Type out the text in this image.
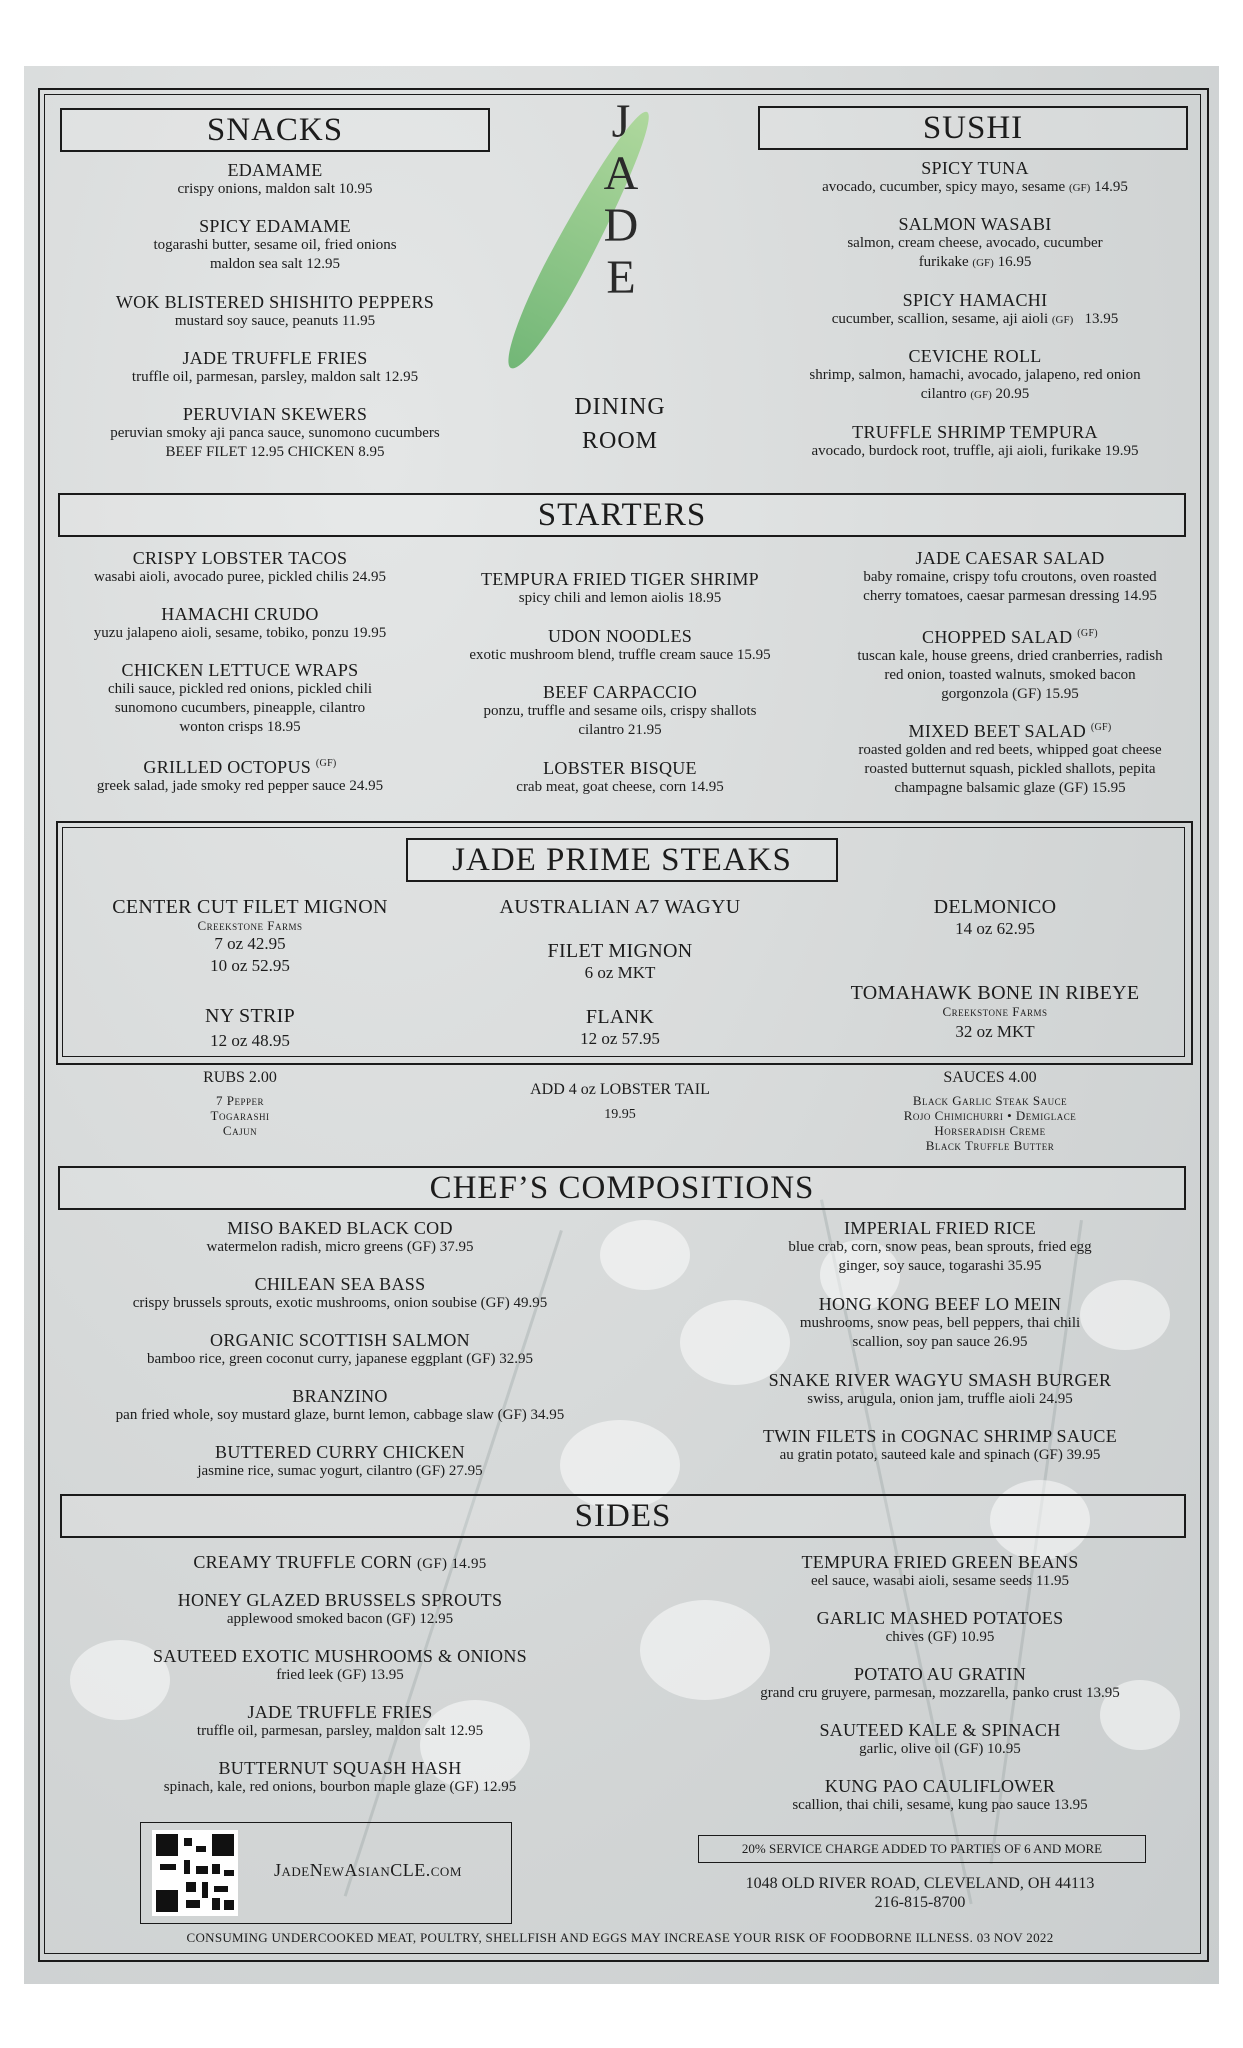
J
A
D
E
DINING
ROOM
SNACKS
EDAMAME
crispy onions, maldon salt 10.95
SPICY EDAMAME
togarashi butter, sesame oil, fried onions
maldon sea salt 12.95
WOK BLISTERED SHISHITO PEPPERS
mustard soy sauce, peanuts 11.95
JADE TRUFFLE FRIES
truffle oil, parmesan, parsley, maldon salt 12.95
PERUVIAN SKEWERS
peruvian smoky aji panca sauce, sunomono cucumbers
BEEF FILET 12.95 CHICKEN 8.95
SUSHI
SPICY TUNA
avocado, cucumber, spicy mayo, sesame (GF) 14.95
SALMON WASABI
salmon, cream cheese, avocado, cucumber
furikake (GF) 16.95
SPICY HAMACHI
cucumber, scallion, sesame, aji aioli (GF) 13.95
CEVICHE ROLL
shrimp, salmon, hamachi, avocado, jalapeno, red onion
cilantro (GF) 20.95
TRUFFLE SHRIMP TEMPURA
avocado, burdock root, truffle, aji aioli, furikake 19.95
STARTERS
CRISPY LOBSTER TACOS
wasabi aioli, avocado puree, pickled chilis 24.95
HAMACHI CRUDO
yuzu jalapeno aioli, sesame, tobiko, ponzu 19.95
CHICKEN LETTUCE WRAPS
chili sauce, pickled red onions, pickled chili
sunomono cucumbers, pineapple, cilantro
wonton crisps 18.95
GRILLED OCTOPUS $^{(GF)}$
greek salad, jade smoky red pepper sauce 24.95
TEMPURA FRIED TIGER SHRIMP
spicy chili and lemon aiolis 18.95
UDON NOODLES
exotic mushroom blend, truffle cream sauce 15.95
BEEF CARPACCIO
ponzu, truffle and sesame oils, crispy shallots
cilantro 21.95
LOBSTER BISQUE
crab meat, goat cheese, corn 14.95
JADE CAESAR SALAD
baby romaine, crispy tofu croutons, oven roasted
cherry tomatoes, caesar parmesan dressing 14.95
CHOPPED SALAD $^{(GF)}$
tuscan kale, house greens, dried cranberries, radish
red onion, toasted walnuts, smoked bacon
gorgonzola (GF) 15.95
MIXED BEET SALAD $^{(GF)}$
roasted golden and red beets, whipped goat cheese
roasted butternut squash, pickled shallots, pepita
champagne balsamic glaze (GF) 15.95
JADE PRIME STEAKS
CENTER CUT FILET MIGNON
Creekstone Farms
7 oz 42.95
10 oz 52.95
NY STRIP
12 oz 48.95
AUSTRALIAN A7 WAGYU
FILET MIGNON
6 oz MKT
FLANK
12 oz 57.95
DELMONICO
14 oz 62.95
TOMAHAWK BONE IN RIBEYE
Creekstone Farms
32 oz MKT
RUBS 2.00
7 Pepper
Togarashi
Cajun
ADD 4 oz LOBSTER TAIL
19.95
SAUCES 4.00
Black Garlic Steak Sauce
Rojo Chimichurri • Demiglace
Horseradish Creme
Black Truffle Butter
CHEF’S COMPOSITIONS
MISO BAKED BLACK COD
watermelon radish, micro greens (GF) 37.95
CHILEAN SEA BASS
crispy brussels sprouts, exotic mushrooms, onion soubise (GF) 49.95
ORGANIC SCOTTISH SALMON
bamboo rice, green coconut curry, japanese eggplant (GF) 32.95
BRANZINO
pan fried whole, soy mustard glaze, burnt lemon, cabbage slaw (GF) 34.95
BUTTERED CURRY CHICKEN
jasmine rice, sumac yogurt, cilantro (GF) 27.95
IMPERIAL FRIED RICE
blue crab, corn, snow peas, bean sprouts, fried egg
ginger, soy sauce, togarashi 35.95
HONG KONG BEEF LO MEIN
mushrooms, snow peas, bell peppers, thai chili
scallion, soy pan sauce 26.95
SNAKE RIVER WAGYU SMASH BURGER
swiss, arugula, onion jam, truffle aioli 24.95
TWIN FILETS in COGNAC SHRIMP SAUCE
au gratin potato, sauteed kale and spinach (GF) 39.95
SIDES
CREAMY TRUFFLE CORN (GF) 14.95
HONEY GLAZED BRUSSELS SPROUTS
applewood smoked bacon (GF) 12.95
SAUTEED EXOTIC MUSHROOMS & ONIONS
fried leek (GF) 13.95
JADE TRUFFLE FRIES
truffle oil, parmesan, parsley, maldon salt 12.95
BUTTERNUT SQUASH HASH
spinach, kale, red onions, bourbon maple glaze (GF) 12.95
TEMPURA FRIED GREEN BEANS
eel sauce, wasabi aioli, sesame seeds 11.95
GARLIC MASHED POTATOES
chives (GF) 10.95
POTATO AU GRATIN
grand cru gruyere, parmesan, mozzarella, panko crust 13.95
SAUTEED KALE & SPINACH
garlic, olive oil (GF) 10.95
KUNG PAO CAULIFLOWER
scallion, thai chili, sesame, kung pao sauce 13.95
JadeNewAsianCLE.com
20% SERVICE CHARGE ADDED TO PARTIES OF 6 AND MORE
1048 OLD RIVER ROAD, CLEVELAND, OH 44113
216-815-8700
CONSUMING UNDERCOOKED MEAT, POULTRY, SHELLFISH AND EGGS MAY INCREASE YOUR RISK OF FOODBORNE ILLNESS. 03 NOV 2022
